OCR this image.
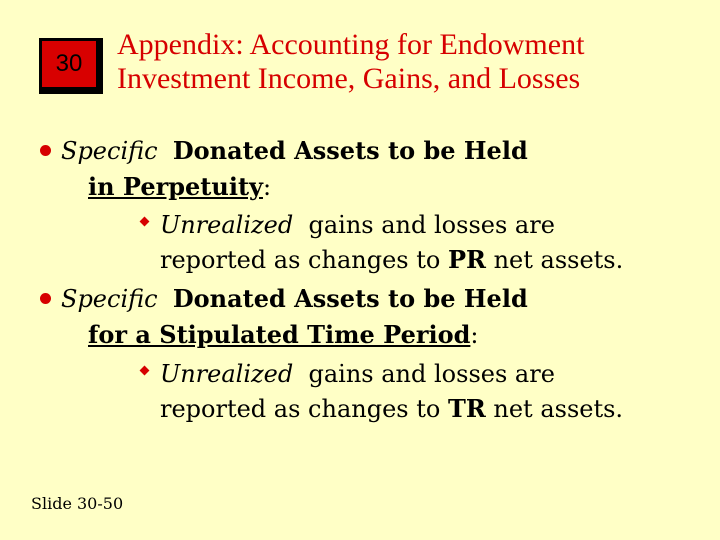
30
Appendix: Accounting for Endowment
Investment Income, Gains, and Losses
Specific Donated Assets to be Held
in Perpetuity:
Unrealized gains and losses are
reported as changes to PR net assets.
Specific Donated Assets to be Held
for a Stipulated Time Period:
Unrealized gains and losses are
reported as changes to TR net assets.
Slide 30-50
